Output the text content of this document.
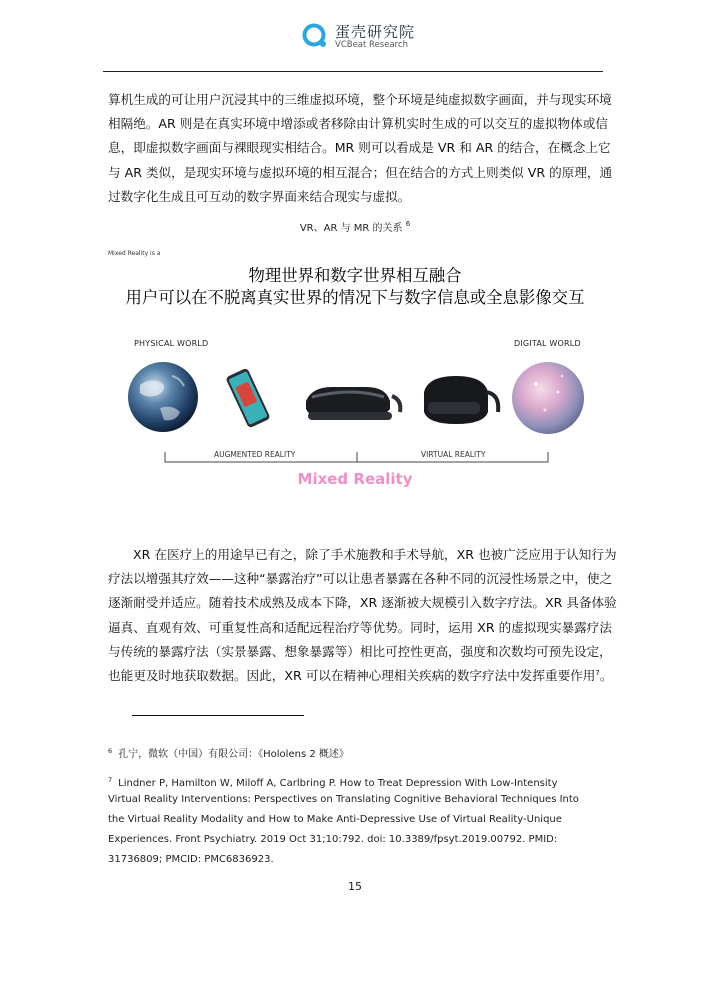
蛋壳研究院
VCBeat Research
算机生成的可让用户沉浸其中的三维虚拟环境，整个环境是纯虚拟数字画面，并与现实环境
相隔绝。AR 则是在真实环境中增添或者移除由计算机实时生成的可以交互的虚拟物体或信
息，即虚拟数字画面与裸眼现实相结合。MR 则可以看成是 VR 和 AR 的结合，在概念上它
与 AR 类似，是现实环境与虚拟环境的相互混合；但在结合的方式上则类似 VR 的原理，通
过数字化生成且可互动的数字界面来结合现实与虚拟。
VR、AR 与 MR 的关系 $^6$
Mixed Reality is a
物理世界和数字世界相互融合
用户可以在不脱离真实世界的情况下与数字信息或全息影像交互
PHYSICAL WORLD	DIGITAL WORLD
AUGMENTED REALITY	VIRTUAL REALITY
Mixed Reality
XR 在医疗上的用途早已有之，除了手术施教和手术导航，XR 也被广泛应用于认知行为
疗法以增强其疗效——这种“暴露治疗”可以让患者暴露在各种不同的沉浸性场景之中，使之
逐渐耐受并适应。随着技术成熟及成本下降，XR 逐渐被大规模引入数字疗法。XR 具备体验
逼真、直观有效、可重复性高和适配远程治疗等优势。同时，运用 XR 的虚拟现实暴露疗法
与传统的暴露疗法（实景暴露、想象暴露等）相比可控性更高，强度和次数均可预先设定，
也能更及时地获取数据。因此，XR 可以在精神心理相关疾病的数字疗法中发挥重要作用$^7$。
$^6$ 孔宁，微软（中国）有限公司：《Hololens 2 概述》
$^7$ Lindner P, Hamilton W, Miloff A, Carlbring P. How to Treat Depression With Low-Intensity
Virtual Reality Interventions: Perspectives on Translating Cognitive Behavioral Techniques Into
the Virtual Reality Modality and How to Make Anti-Depressive Use of Virtual Reality-Unique
Experiences. Front Psychiatry. 2019 Oct 31;10:792. doi: 10.3389/fpsyt.2019.00792. PMID:
31736809; PMCID: PMC6836923.
15
